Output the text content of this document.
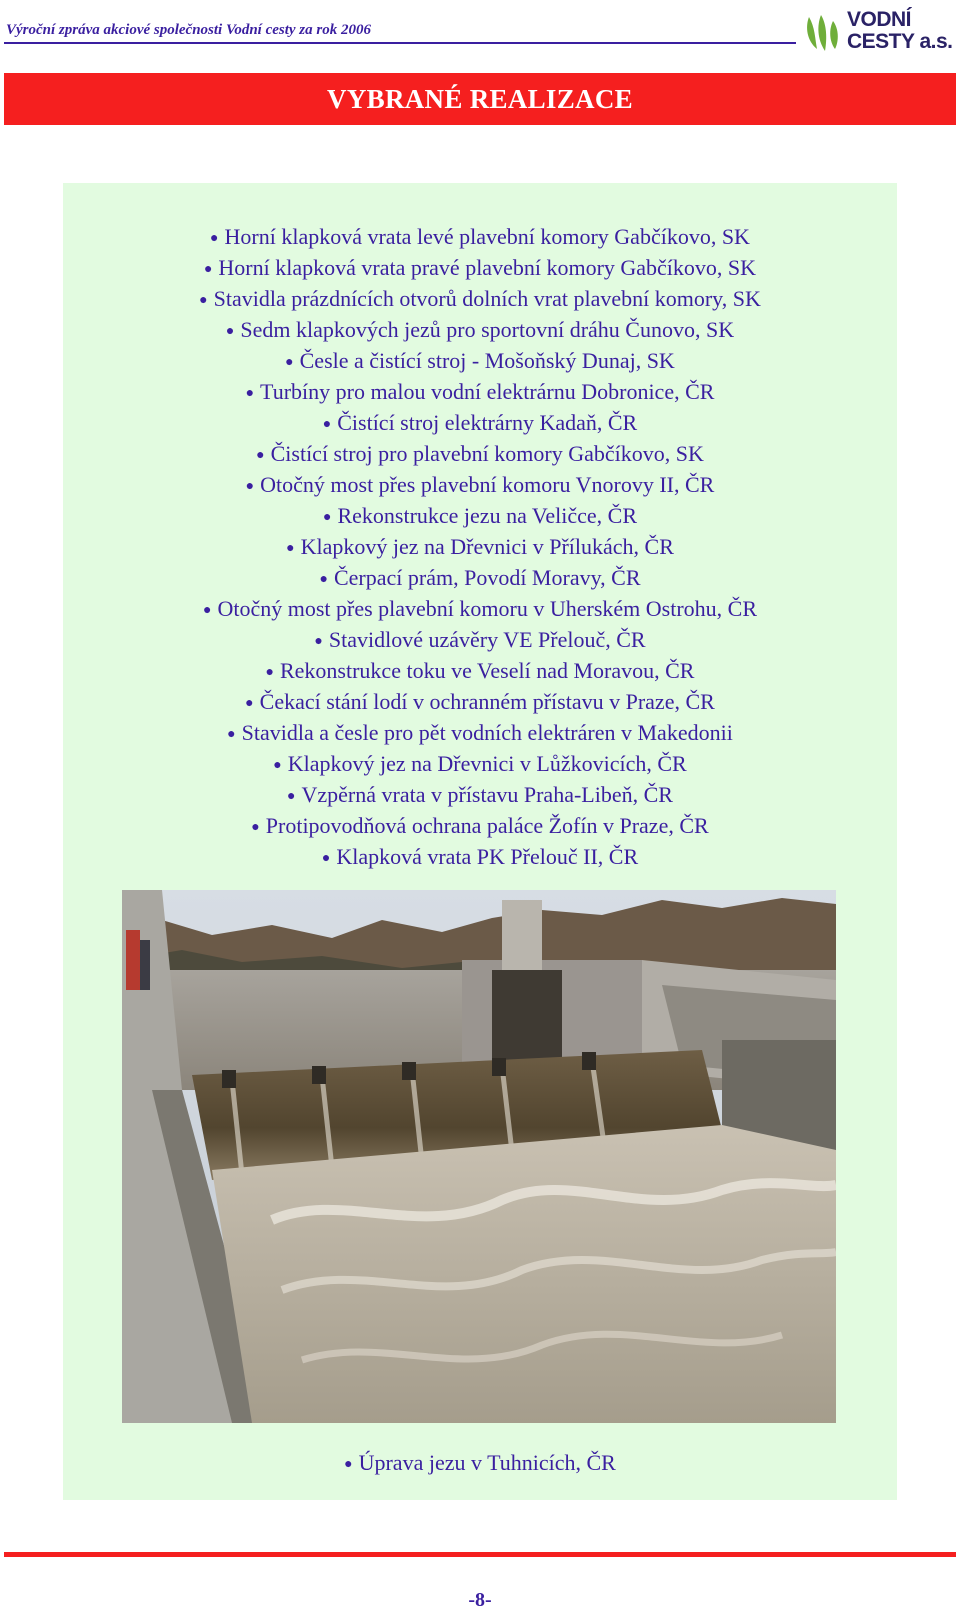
Výroční zpráva akciové společnosti Vodní cesty za rok 2006	VODNÍ
CESTY a.s.
VYBRANÉ REALIZACE
● Horní klapková vrata levé plavební komory Gabčíkovo, SK
● Horní klapková vrata pravé plavební komory Gabčíkovo, SK
● Stavidla prázdnících otvorů dolních vrat plavební komory, SK
● Sedm klapkových jezů pro sportovní dráhu Čunovo, SK
● Česle a čistící stroj - Mošoňský Dunaj, SK
● Turbíny pro malou vodní elektrárnu Dobronice, ČR
● Čistící stroj elektrárny Kadaň, ČR
● Čistící stroj pro plavební komory Gabčíkovo, SK
● Otočný most přes plavební komoru Vnorovy II, ČR
● Rekonstrukce jezu na Veličce, ČR
● Klapkový jez na Dřevnici v Přílukách, ČR
● Čerpací prám, Povodí Moravy, ČR
● Otočný most přes plavební komoru v Uherském Ostrohu, ČR
● Stavidlové uzávěry VE Přelouč, ČR
● Rekonstrukce toku ve Veselí nad Moravou, ČR
● Čekací stání lodí v ochranném přístavu v Praze, ČR
● Stavidla a česle pro pět vodních elektráren v Makedonii
● Klapkový jez na Dřevnici v Lůžkovicích, ČR
● Vzpěrná vrata v přístavu Praha-Libeň, ČR
● Protipovodňová ochrana paláce Žofín v Praze, ČR
● Klapková vrata PK Přelouč II, ČR
● Úprava jezu v Tuhnicích, ČR
-8-
